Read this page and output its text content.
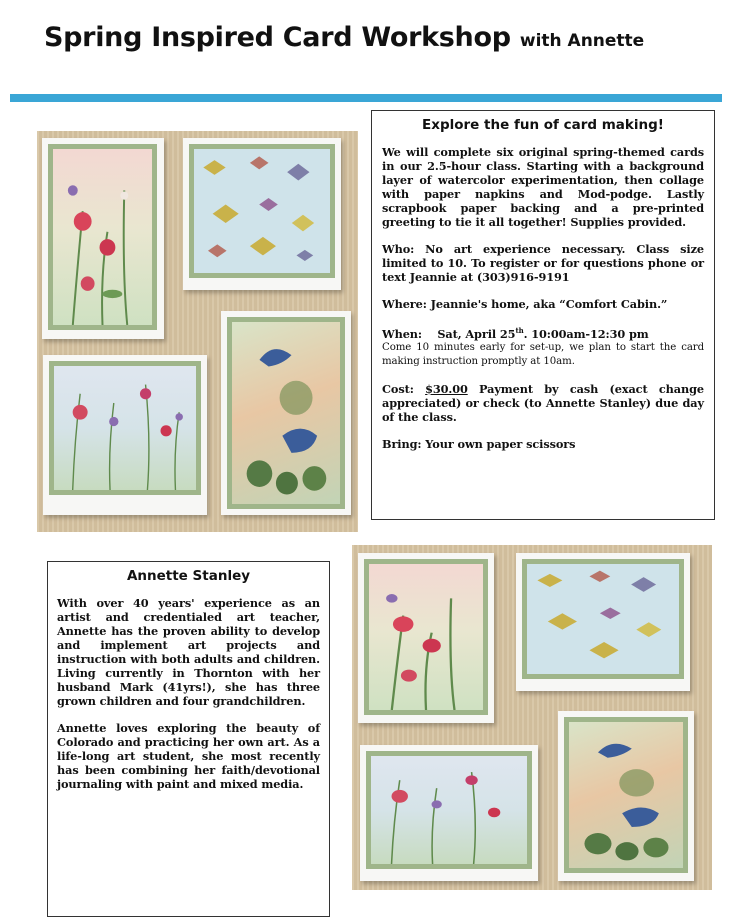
Spring Inspired Card Workshop with Annette
Explore the fun of card making!

We will complete six original spring-themed cards in our 2.5-hour class. Starting with a background layer of watercolor experimentation, then collage with paper napkins and Mod-podge. Lastly scrapbook paper backing and a pre-printed greeting to tie it all together! Supplies provided.

Who: No art experience necessary. Class size limited to 10. To register or for questions phone or text Jeannie at (303)916-9191

Where: Jeannie's home, aka “Comfort Cabin.”

When: Sat, April 25th. 10:00am-12:30 pm

Come 10 minutes early for set-up, we plan to start the card making instruction promptly at 10am.

Cost: $30.00 Payment by cash (exact change appreciated) or check (to Annette Stanley) due day of the class.

Bring: Your own paper scissors

Annette Stanley

With over 40 years' experience as an artist and credentialed art teacher, Annette has the proven ability to develop and implement art projects and instruction with both adults and children. Living currently in Thornton with her husband Mark (41yrs!), she has three grown children and four grandchildren.

Annette loves exploring the beauty of Colorado and practicing her own art. As a life-long art student, she most recently has been combining her faith/devotional journaling with paint and mixed media.
